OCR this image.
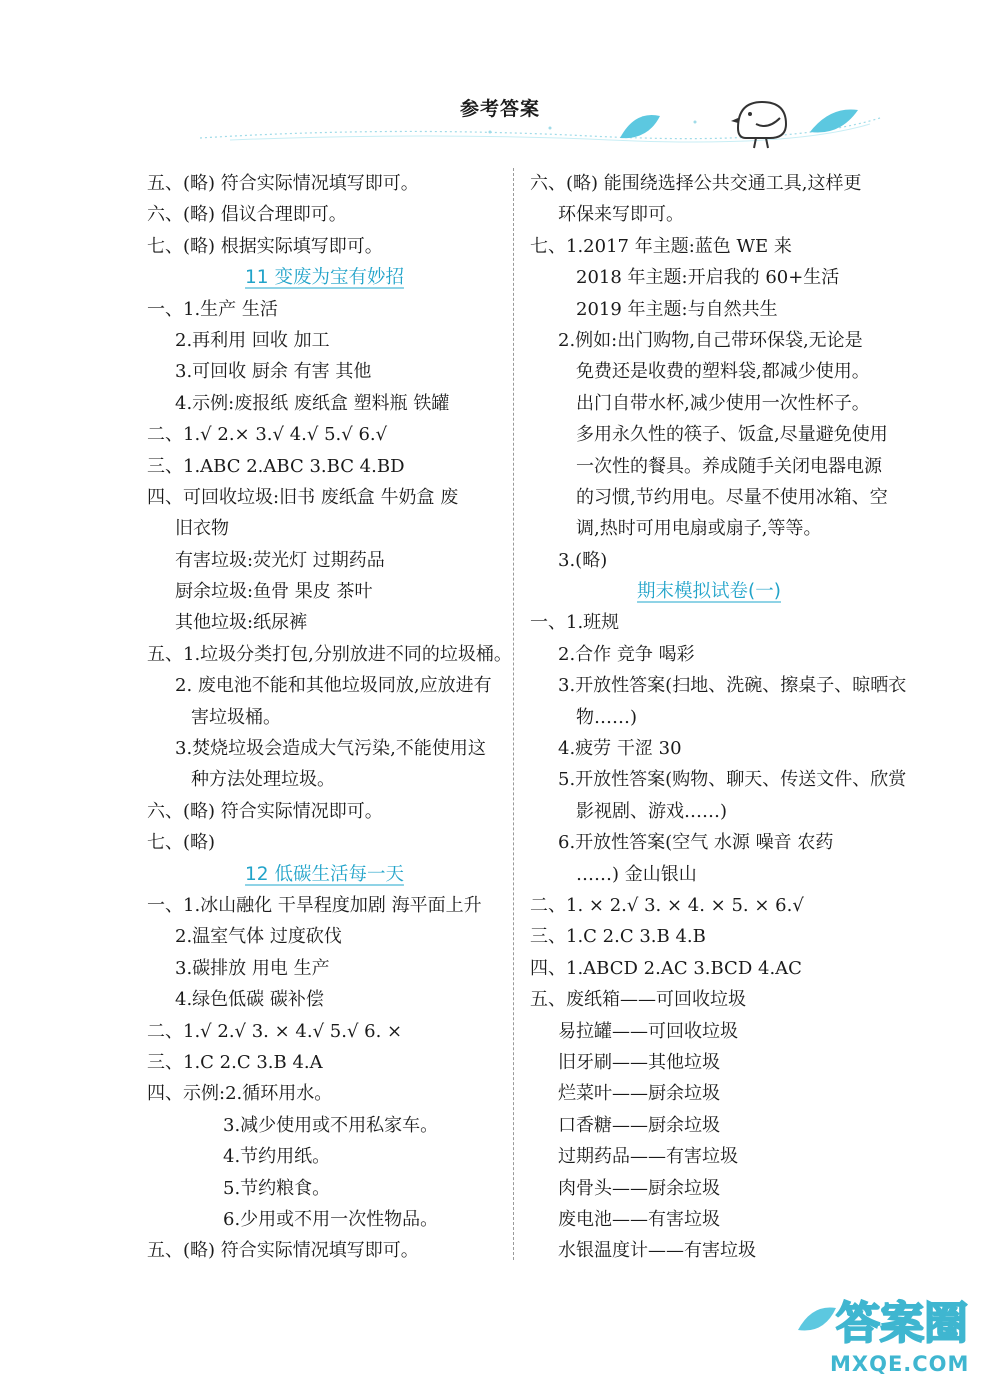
参考答案
五、(略) 符合实际情况填写即可。
六、(略) 倡议合理即可。
七、(略) 根据实际填写即可。
11 变废为宝有妙招
一、1.生产 生活
2.再利用 回收 加工
3.可回收 厨余 有害 其他
4.示例:废报纸 废纸盒 塑料瓶 铁罐
二、1.√ 2.× 3.√ 4.√ 5.√ 6.√
三、1.ABC 2.ABC 3.BC 4.BD
四、可回收垃圾:旧书 废纸盒 牛奶盒 废
旧衣物
有害垃圾:荧光灯 过期药品
厨余垃圾:鱼骨 果皮 茶叶
其他垃圾:纸尿裤
五、1.垃圾分类打包,分别放进不同的垃圾桶。
2. 废电池不能和其他垃圾同放,应放进有
害垃圾桶。
3.焚烧垃圾会造成大气污染,不能使用这
种方法处理垃圾。
六、(略) 符合实际情况即可。
七、(略)
12 低碳生活每一天
一、1.冰山融化 干旱程度加剧 海平面上升
2.温室气体 过度砍伐
3.碳排放 用电 生产
4.绿色低碳 碳补偿
二、1.√ 2.√ 3. × 4.√ 5.√ 6. ×
三、1.C 2.C 3.B 4.A
四、示例:2.循环用水。
3.减少使用或不用私家车。
4.节约用纸。
5.节约粮食。
6.少用或不用一次性物品。
五、(略) 符合实际情况填写即可。
六、(略) 能围绕选择公共交通工具,这样更
环保来写即可。
七、1.2017 年主题:蓝色 WE 来
2018 年主题:开启我的 60+生活
2019 年主题:与自然共生
2.例如:出门购物,自己带环保袋,无论是
免费还是收费的塑料袋,都减少使用。
出门自带水杯,减少使用一次性杯子。
多用永久性的筷子、饭盒,尽量避免使用
一次性的餐具。养成随手关闭电器电源
的习惯,节约用电。尽量不使用冰箱、空
调,热时可用电扇或扇子,等等。
3.(略)
期末模拟试卷(一)
一、1.班规
2.合作 竞争 喝彩
3.开放性答案(扫地、洗碗、擦桌子、晾晒衣
物……)
4.疲劳 干涩 30
5.开放性答案(购物、聊天、传送文件、欣赏
影视剧、游戏……)
6.开放性答案(空气 水源 噪音 农药
……) 金山银山
二、1. × 2.√ 3. × 4. × 5. × 6.√
三、1.C 2.C 3.B 4.B
四、1.ABCD 2.AC 3.BCD 4.AC
五、废纸箱——可回收垃圾
易拉罐——可回收垃圾
旧牙刷——其他垃圾
烂菜叶——厨余垃圾
口香糖——厨余垃圾
过期药品——有害垃圾
肉骨头——厨余垃圾
废电池——有害垃圾
水银温度计——有害垃圾
答案圈
MXQE.COM
